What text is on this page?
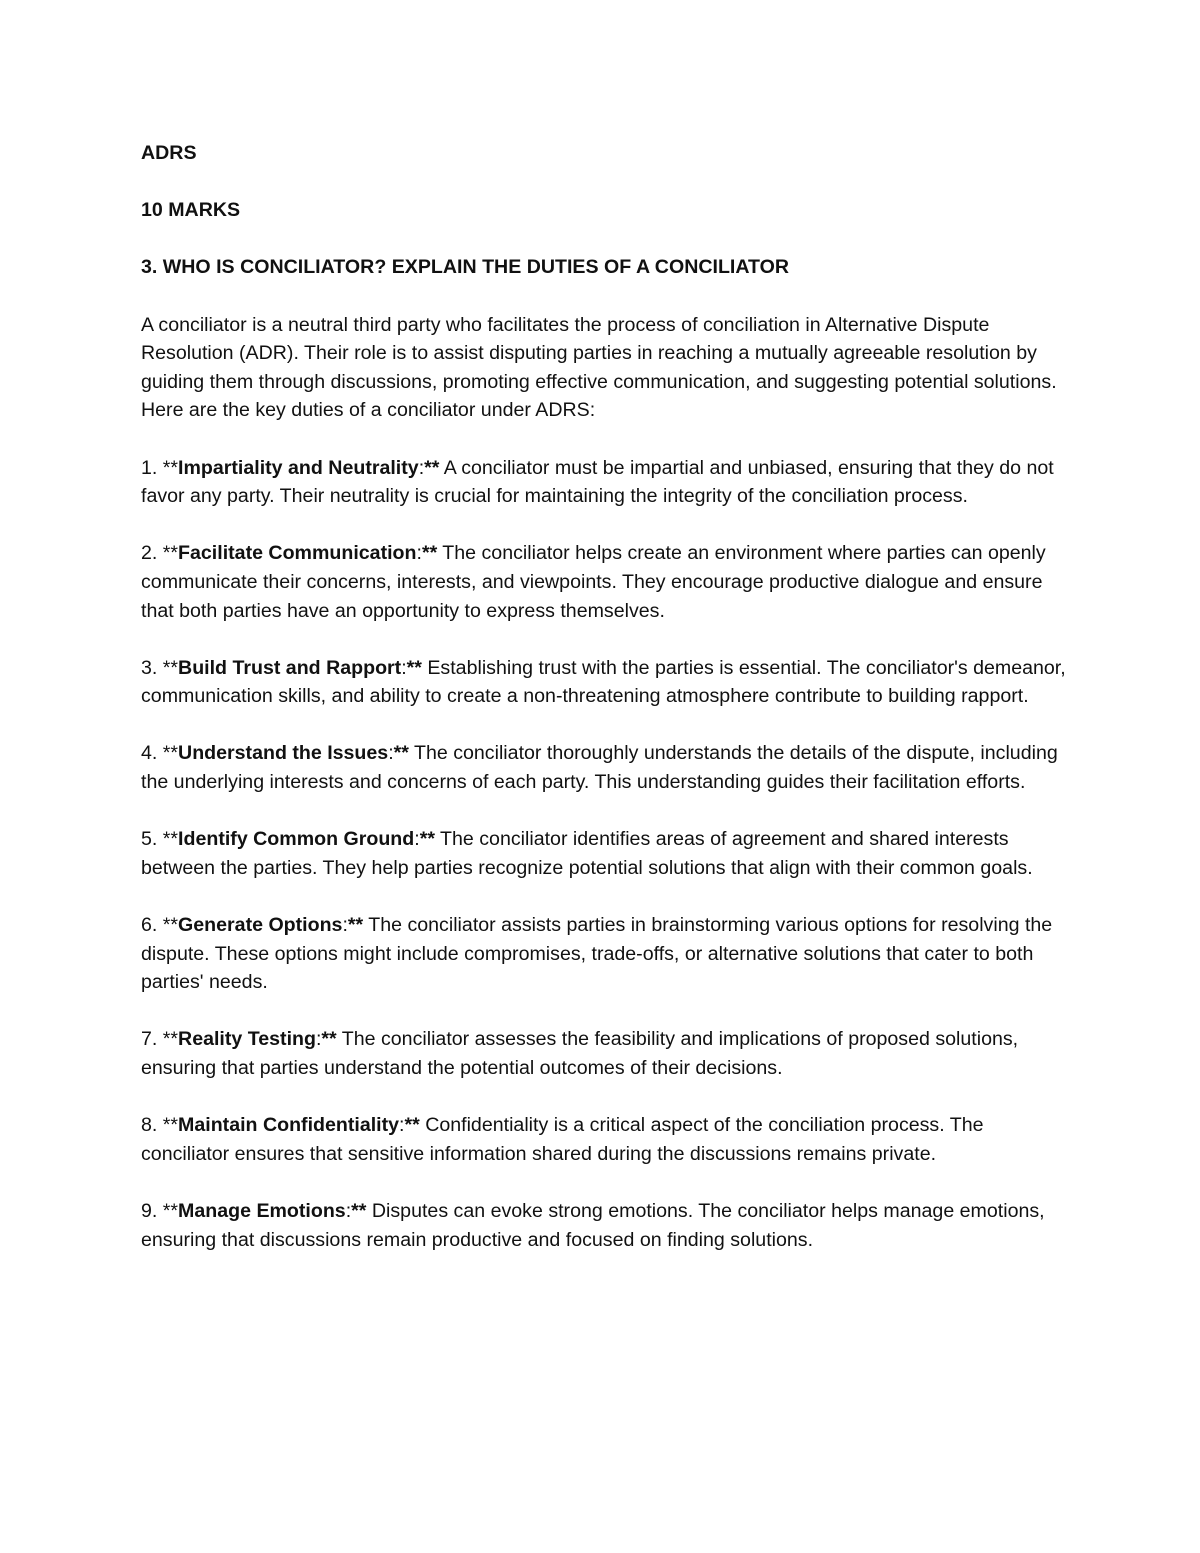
ADRS

10 MARKS

3. WHO IS CONCILIATOR? EXPLAIN THE DUTIES OF A CONCILIATOR

A conciliator is a neutral third party who facilitates the process of conciliation in Alternative Dispute Resolution (ADR). Their role is to assist disputing parties in reaching a mutually agreeable resolution by guiding them through discussions, promoting effective communication, and suggesting potential solutions. Here are the key duties of a conciliator under ADRS:

1. **Impartiality and Neutrality:** A conciliator must be impartial and unbiased, ensuring that they do not favor any party. Their neutrality is crucial for maintaining the integrity of the conciliation process.

2. **Facilitate Communication:** The conciliator helps create an environment where parties can openly communicate their concerns, interests, and viewpoints. They encourage productive dialogue and ensure that both parties have an opportunity to express themselves.

3. **Build Trust and Rapport:** Establishing trust with the parties is essential. The conciliator's demeanor, communication skills, and ability to create a non-threatening atmosphere contribute to building rapport.

4. **Understand the Issues:** The conciliator thoroughly understands the details of the dispute, including the underlying interests and concerns of each party. This understanding guides their facilitation efforts.

5. **Identify Common Ground:** The conciliator identifies areas of agreement and shared interests between the parties. They help parties recognize potential solutions that align with their common goals.

6. **Generate Options:** The conciliator assists parties in brainstorming various options for resolving the dispute. These options might include compromises, trade-offs, or alternative solutions that cater to both parties' needs.

7. **Reality Testing:** The conciliator assesses the feasibility and implications of proposed solutions, ensuring that parties understand the potential outcomes of their decisions.

8. **Maintain Confidentiality:** Confidentiality is a critical aspect of the conciliation process. The conciliator ensures that sensitive information shared during the discussions remains private.

9. **Manage Emotions:** Disputes can evoke strong emotions. The conciliator helps manage emotions, ensuring that discussions remain productive and focused on finding solutions.
